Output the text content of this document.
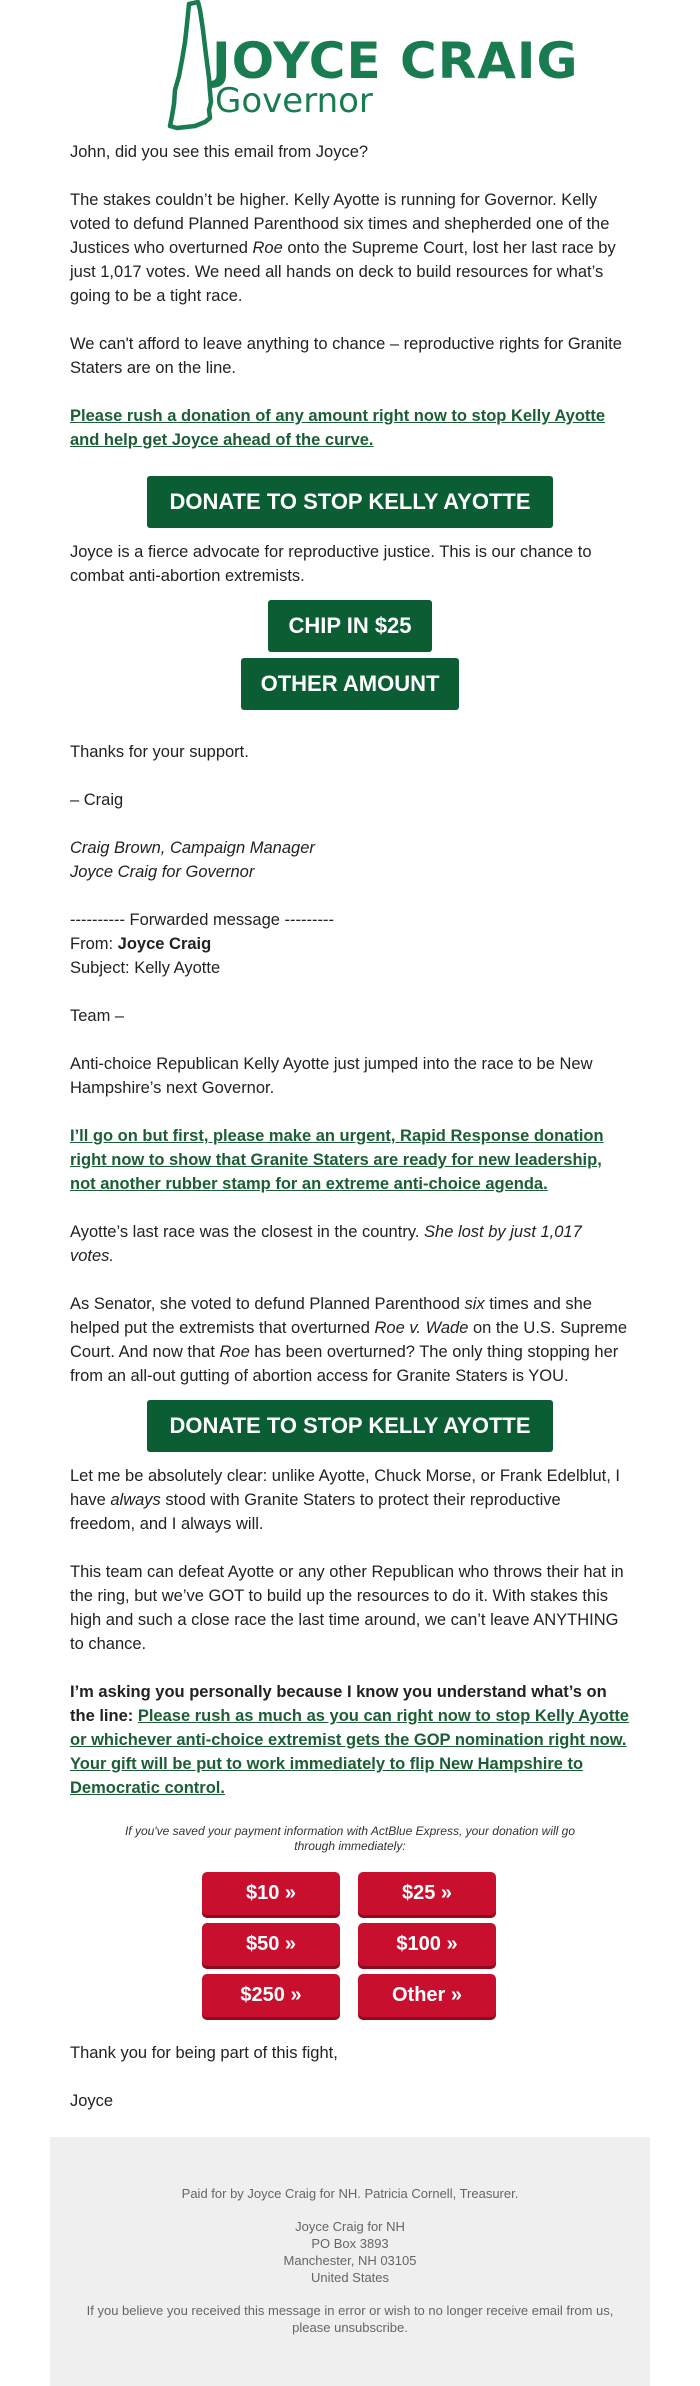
JOYCE CRAIG
Governor

John, did you see this email from Joyce?

The stakes couldn’t be higher. Kelly Ayotte is running for Governor. Kelly voted to defund Planned Parenthood six times and shepherded one of the Justices who overturned Roe onto the Supreme Court, lost her last race by just 1,017 votes. We need all hands on deck to build resources for what’s going to be a tight race.

We can't afford to leave anything to chance – reproductive rights for Granite Staters are on the line.

Please rush a donation of any amount right now to stop Kelly Ayotte and help get Joyce ahead of the curve.

DONATE TO STOP KELLY AYOTTE

Joyce is a fierce advocate for reproductive justice. This is our chance to combat anti-abortion extremists.

CHIP IN $25
OTHER AMOUNT

Thanks for your support.

– Craig

Craig Brown, Campaign Manager
Joyce Craig for Governor

---------- Forwarded message ---------
From: Joyce Craig
Subject: Kelly Ayotte

Team –

Anti-choice Republican Kelly Ayotte just jumped into the race to be New Hampshire’s next Governor.

I’ll go on but first, please make an urgent, Rapid Response donation right now to show that Granite Staters are ready for new leadership, not another rubber stamp for an extreme anti-choice agenda.

Ayotte’s last race was the closest in the country. She lost by just 1,017 votes.

As Senator, she voted to defund Planned Parenthood six times and she helped put the extremists that overturned Roe v. Wade on the U.S. Supreme Court. And now that Roe has been overturned? The only thing stopping her from an all-out gutting of abortion access for Granite Staters is YOU.

DONATE TO STOP KELLY AYOTTE

Let me be absolutely clear: unlike Ayotte, Chuck Morse, or Frank Edelblut, I have always stood with Granite Staters to protect their reproductive freedom, and I always will.

This team can defeat Ayotte or any other Republican who throws their hat in the ring, but we’ve GOT to build up the resources to do it. With stakes this high and such a close race the last time around, we can’t leave ANYTHING to chance.

I’m asking you personally because I know you understand what’s on the line: Please rush as much as you can right now to stop Kelly Ayotte or whichever anti-choice extremist gets the GOP nomination right now. Your gift will be put to work immediately to flip New Hampshire to Democratic control.

If you've saved your payment information with ActBlue Express, your donation will go through immediately:
$10 »	$25 »
$50 »	$100 »
$250 »	Other »

Thank you for being part of this fight,

Joyce

Paid for by Joyce Craig for NH. Patricia Cornell, Treasurer.

Joyce Craig for NH
PO Box 3893
Manchester, NH 03105
United States

If you believe you received this message in error or wish to no longer receive email from us, please unsubscribe.
